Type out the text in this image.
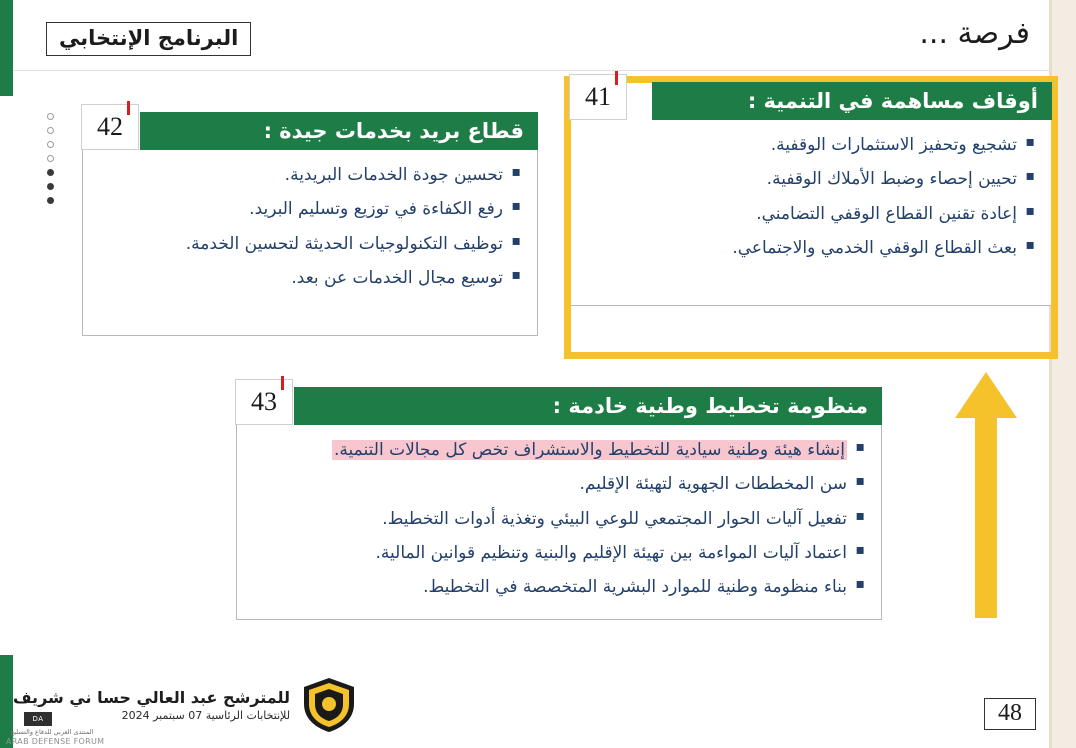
البرنامج الإنتخابي	فرصة ...
أوقاف مساهمة في التنمية :
41
▪ تشجيع وتحفيز الاستثمارات الوقفية.
▪ تحيين إحصاء وضبط الأملاك الوقفية.
▪ إعادة تقنين القطاع الوقفي التضامني.
▪ بعث القطاع الوقفي الخدمي والاجتماعي.
قطاع بريد بخدمات جيدة :
42
▪ تحسين جودة الخدمات البريدية.
▪ رفع الكفاءة في توزيع وتسليم البريد.
▪ توظيف التكنولوجيات الحديثة لتحسين الخدمة.
▪ توسيع مجال الخدمات عن بعد.
منظومة تخطيط وطنية خادمة :
43
▪ إنشاء هيئة وطنية سيادية للتخطيط والاستشراف تخص كل مجالات التنمية.
▪ سن المخططات الجهوية لتهيئة الإقليم.
▪ تفعيل آليات الحوار المجتمعي للوعي البيئي وتغذية أدوات التخطيط.
▪ اعتماد آليات المواءمة بين تهيئة الإقليم والبنية وتنظيم قوانين المالية.
▪ بناء منظومة وطنية للموارد البشرية المتخصصة في التخطيط.
للمترشح عبد العالي حسا ني شريف
للإنتخابات الرئاسية 07 سبتمبر 2024
DA
ARAB DEFENSE FORUM
المنتدى العربي للدفاع والتسليح
48
